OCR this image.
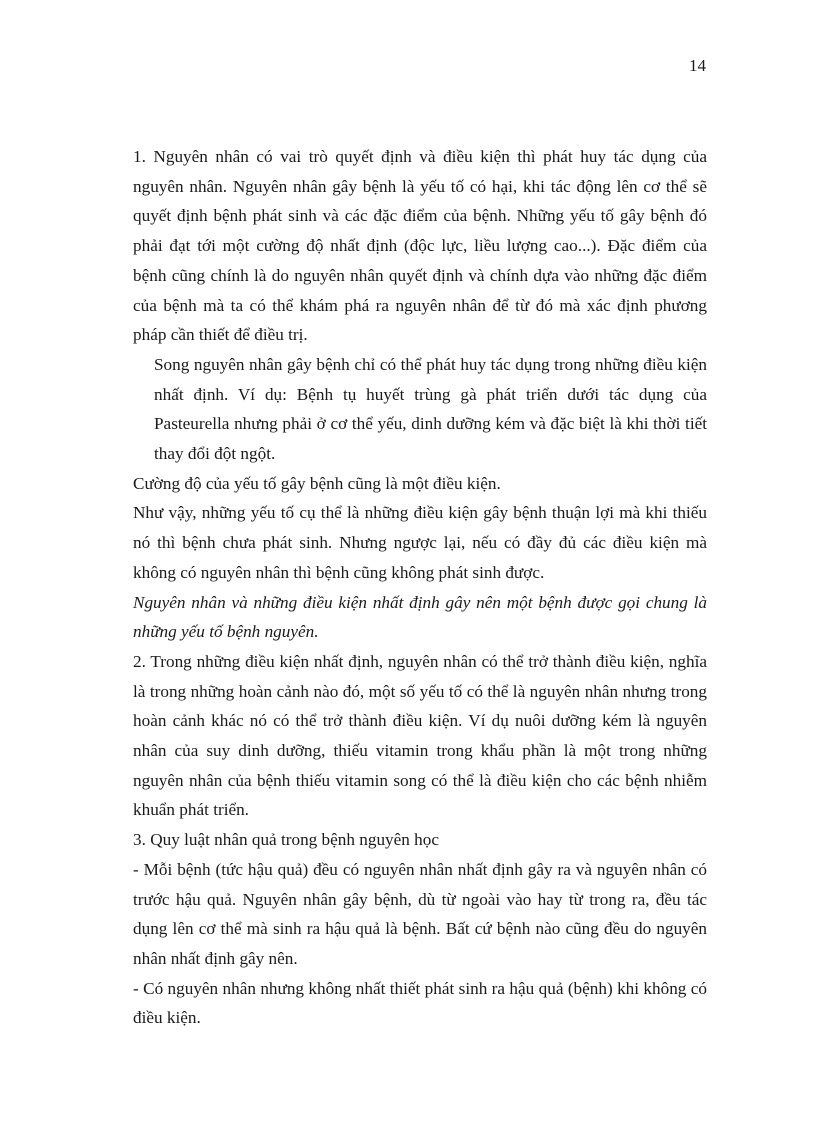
14

1. Nguyên nhân có vai trò quyết định và điều kiện thì phát huy tác dụng của nguyên nhân. Nguyên nhân gây bệnh là yếu tố có hại, khi tác động lên cơ thể sẽ quyết định bệnh phát sinh và các đặc điểm của bệnh. Những yếu tố gây bệnh đó phải đạt tới một cường độ nhất định (độc lực, liều lượng cao...). Đặc điểm của bệnh cũng chính là do nguyên nhân quyết định và chính dựa vào những đặc điểm của bệnh mà ta có thể khám phá ra nguyên nhân để từ đó mà xác định phương pháp cần thiết để điều trị.

Song nguyên nhân gây bệnh chỉ có thể phát huy tác dụng trong những điều kiện nhất định. Ví dụ: Bệnh tụ huyết trùng gà phát triển dưới tác dụng của Pasteurella nhưng phải ở cơ thể yếu, dinh dưỡng kém và đặc biệt là khi thời tiết thay đổi đột ngột.

Cường độ của yếu tố gây bệnh cũng là một điều kiện.

Như vậy, những yếu tố cụ thể là những điều kiện gây bệnh thuận lợi mà khi thiếu nó thì bệnh chưa phát sinh. Nhưng ngược lại, nếu có đầy đủ các điều kiện mà không có nguyên nhân thì bệnh cũng không phát sinh được.

Nguyên nhân và những điều kiện nhất định gây nên một bệnh được gọi chung là những yếu tố bệnh nguyên.

2. Trong những điều kiện nhất định, nguyên nhân có thể trở thành điều kiện, nghĩa là trong những hoàn cảnh nào đó, một số yếu tố có thể là nguyên nhân nhưng trong hoàn cảnh khác nó có thể trở thành điều kiện. Ví dụ nuôi dưỡng kém là nguyên nhân của suy dinh dưỡng, thiếu vitamin trong khẩu phần là một trong những nguyên nhân của bệnh thiếu vitamin song có thể là điều kiện cho các bệnh nhiễm khuẩn phát triển.

3. Quy luật nhân quả trong bệnh nguyên học

- Mỗi bệnh (tức hậu quả) đều có nguyên nhân nhất định gây ra và nguyên nhân có trước hậu quả. Nguyên nhân gây bệnh, dù từ ngoài vào hay từ trong ra, đều tác dụng lên cơ thể mà sinh ra hậu quả là bệnh. Bất cứ bệnh nào cũng đều do nguyên nhân nhất định gây nên.

- Có nguyên nhân nhưng không nhất thiết phát sinh ra hậu quả (bệnh) khi không có điều kiện.
